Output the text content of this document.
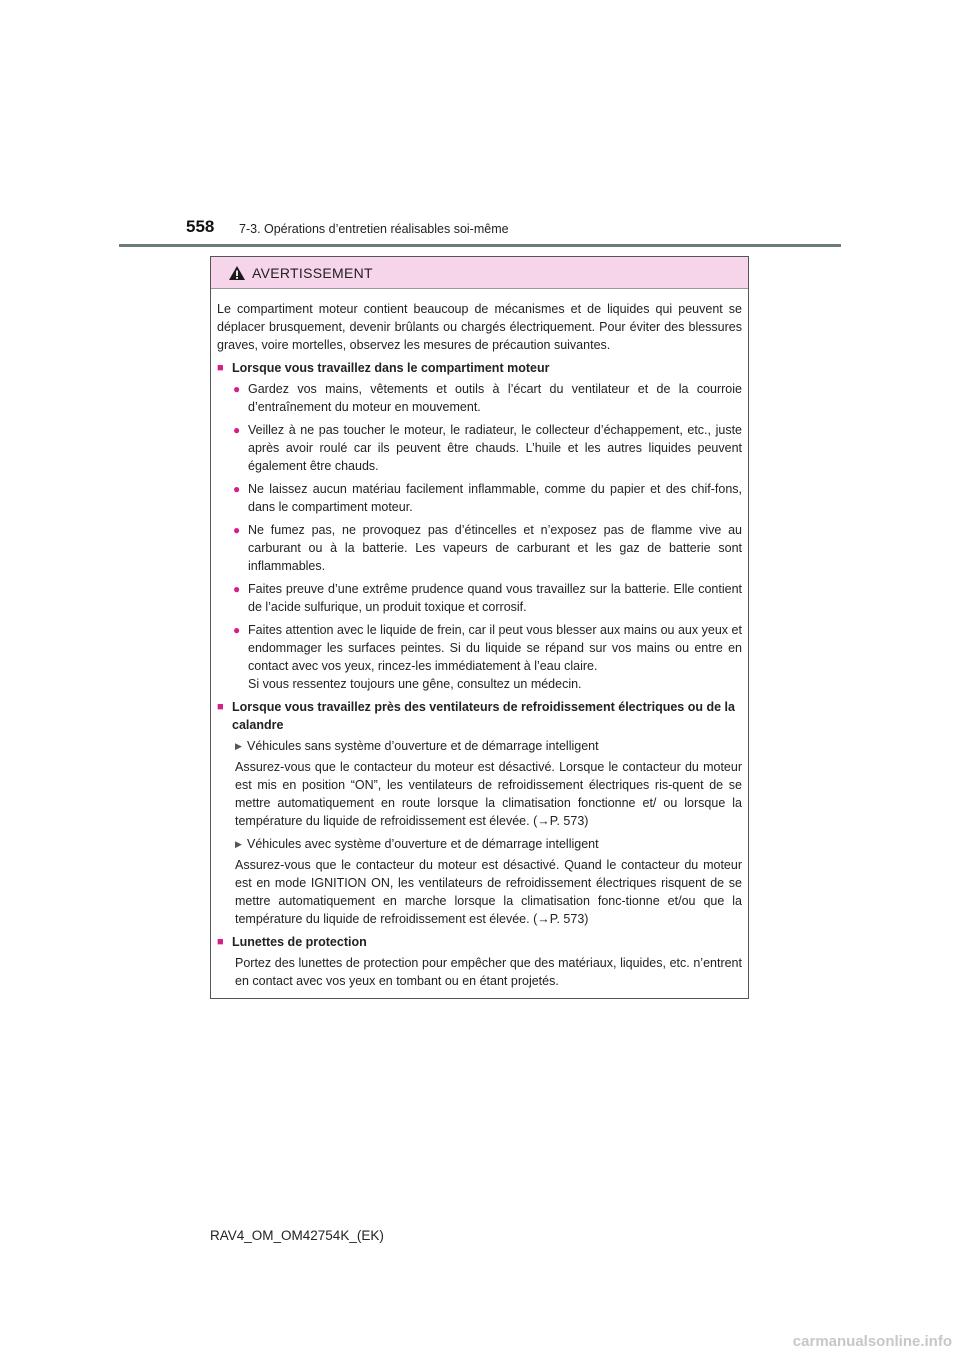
558 7-3. Opérations d’entretien réalisables soi-même
AVERTISSEMENT

Le compartiment moteur contient beaucoup de mécanismes et de liquides qui peuvent se déplacer brusquement, devenir brûlants ou chargés électriquement. Pour éviter des blessures graves, voire mortelles, observez les mesures de précaution suivantes.

■ Lorsque vous travaillez dans le compartiment moteur
● Gardez vos mains, vêtements et outils à l’écart du ventilateur et de la courroie d’entraînement du moteur en mouvement.
● Veillez à ne pas toucher le moteur, le radiateur, le collecteur d’échappement, etc., juste après avoir roulé car ils peuvent être chauds. L’huile et les autres liquides peuvent également être chauds.
● Ne laissez aucun matériau facilement inflammable, comme du papier et des chif-fons, dans le compartiment moteur.
● Ne fumez pas, ne provoquez pas d’étincelles et n’exposez pas de flamme vive au carburant ou à la batterie. Les vapeurs de carburant et les gaz de batterie sont inflammables.
● Faites preuve d’une extrême prudence quand vous travaillez sur la batterie. Elle contient de l’acide sulfurique, un produit toxique et corrosif.
● Faites attention avec le liquide de frein, car il peut vous blesser aux mains ou aux yeux et endommager les surfaces peintes. Si du liquide se répand sur vos mains ou entre en contact avec vos yeux, rincez-les immédiatement à l’eau claire.
Si vous ressentez toujours une gêne, consultez un médecin.
■ Lorsque vous travaillez près des ventilateurs de refroidissement électriques ou de la calandre
▶ Véhicules sans système d’ouverture et de démarrage intelligent

Assurez-vous que le contacteur du moteur est désactivé. Lorsque le contacteur du moteur est mis en position “ON”, les ventilateurs de refroidissement électriques ris-quent de se mettre automatiquement en route lorsque la climatisation fonctionne et/ ou lorsque la température du liquide de refroidissement est élevée. (→P. 573)

▶ Véhicules avec système d’ouverture et de démarrage intelligent

Assurez-vous que le contacteur du moteur est désactivé. Quand le contacteur du moteur est en mode IGNITION ON, les ventilateurs de refroidissement électriques risquent de se mettre automatiquement en marche lorsque la climatisation fonc-tionne et/ou que la température du liquide de refroidissement est élevée. (→P. 573)

■ Lunettes de protection

Portez des lunettes de protection pour empêcher que des matériaux, liquides, etc. n’entrent en contact avec vos yeux en tombant ou en étant projetés.

RAV4_OM_OM42754K_(EK)
carmanualsonline.info
